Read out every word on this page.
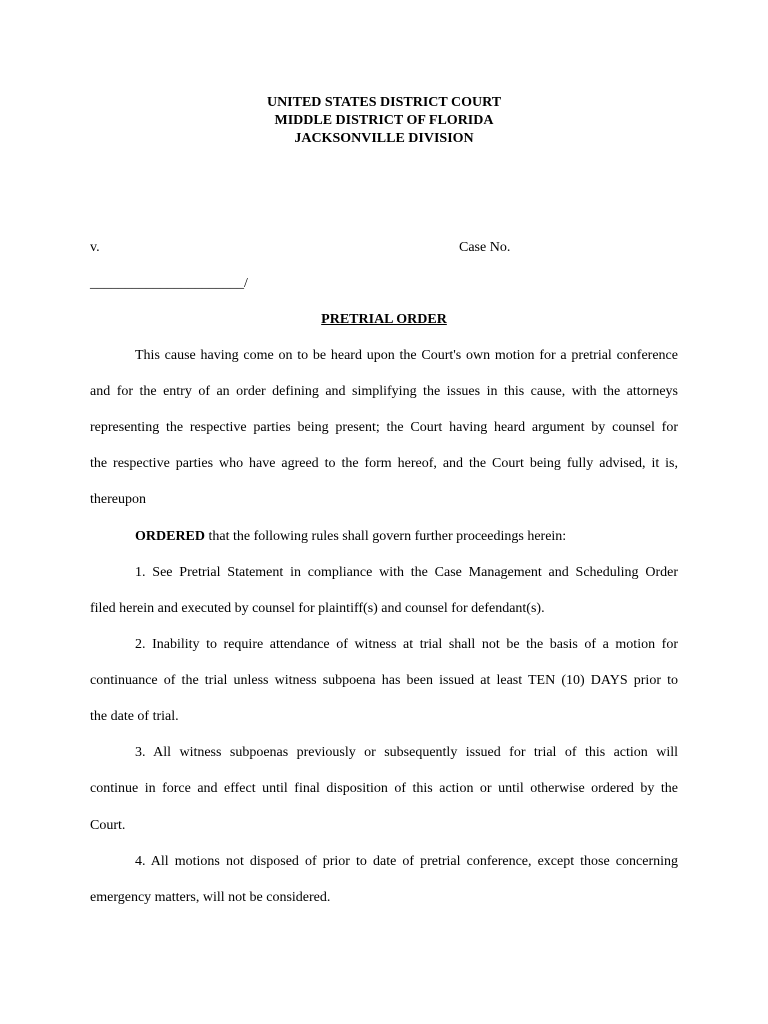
UNITED STATES DISTRICT COURT
MIDDLE DISTRICT OF FLORIDA
JACKSONVILLE DIVISION
v.	Case No.
______________________/
PRETRIAL ORDER
This cause having come on to be heard upon the Court's own motion for a pretrial conference
and for the entry of an order defining and simplifying the issues in this cause, with the attorneys
representing the respective parties being present; the Court having heard argument by counsel for
the respective parties who have agreed to the form hereof, and the Court being fully advised, it is,
thereupon
ORDERED that the following rules shall govern further proceedings herein:
1. See Pretrial Statement in compliance with the Case Management and Scheduling Order
filed herein and executed by counsel for plaintiff(s) and counsel for defendant(s).
2. Inability to require attendance of witness at trial shall not be the basis of a motion for
continuance of the trial unless witness subpoena has been issued at least TEN (10) DAYS prior to
the date of trial.
3. All witness subpoenas previously or subsequently issued for trial of this action will
continue in force and effect until final disposition of this action or until otherwise ordered by the
Court.
4. All motions not disposed of prior to date of pretrial conference, except those concerning
emergency matters, will not be considered.
